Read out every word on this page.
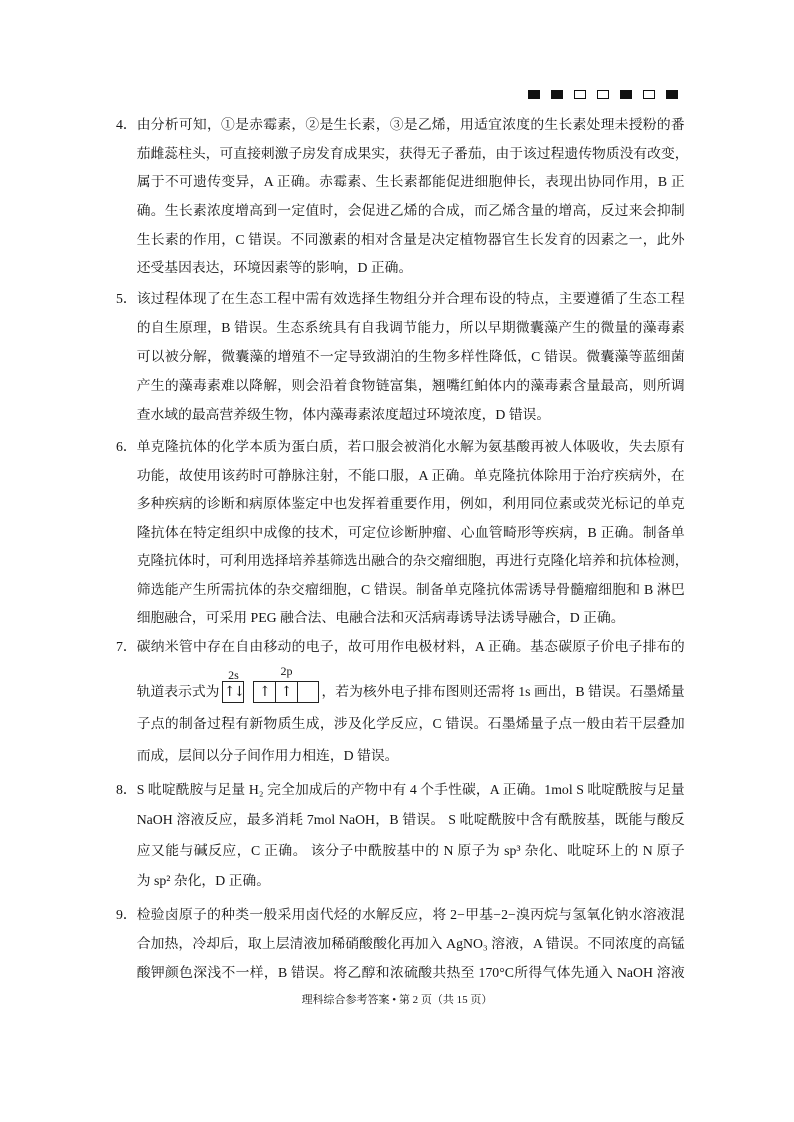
4． 由分析可知，①是赤霉素，②是生长素，③是乙烯，用适宜浓度的生长素处理未授粉的番
茄雌蕊柱头，可直接刺激子房发育成果实，获得无子番茄，由于该过程遗传物质没有改变，
属于不可遗传变异，A 正确。赤霉素、生长素都能促进细胞伸长，表现出协同作用，B 正
确。生长素浓度增高到一定值时，会促进乙烯的合成，而乙烯含量的增高，反过来会抑制
生长素的作用，C 错误。不同激素的相对含量是决定植物器官生长发育的因素之一，此外
还受基因表达，环境因素等的影响，D 正确。
5． 该过程体现了在生态工程中需有效选择生物组分并合理布设的特点，主要遵循了生态工程
的自生原理，B 错误。生态系统具有自我调节能力，所以早期微囊藻产生的微量的藻毒素
可以被分解，微囊藻的增殖不一定导致湖泊的生物多样性降低，C 错误。微囊藻等蓝细菌
产生的藻毒素难以降解，则会沿着食物链富集，翘嘴红鲌体内的藻毒素含量最高，则所调
查水域的最高营养级生物，体内藻毒素浓度超过环境浓度，D 错误。
6． 单克隆抗体的化学本质为蛋白质，若口服会被消化水解为氨基酸再被人体吸收，失去原有
功能，故使用该药时可静脉注射，不能口服，A 正确。单克隆抗体除用于治疗疾病外，在
多种疾病的诊断和病原体鉴定中也发挥着重要作用，例如，利用同位素或荧光标记的单克
隆抗体在特定组织中成像的技术，可定位诊断肿瘤、心血管畸形等疾病，B 正确。制备单
克隆抗体时，可利用选择培养基筛选出融合的杂交瘤细胞，再进行克隆化培养和抗体检测，
筛选能产生所需抗体的杂交瘤细胞，C 错误。制备单克隆抗体需诱导骨髓瘤细胞和 B 淋巴
细胞融合，可采用 PEG 融合法、电融合法和灭活病毒诱导法诱导融合，D 正确。
7． 碳纳米管中存在自由移动的电子，故可用作电极材料，A 正确。基态碳原子价电子排布的
轨道表示式为
2s	2p
↑↓	↑ ↑	，若为核外电子排布图则还需将 1s 画出，B 错误。石墨烯量
子点的制备过程有新物质生成，涉及化学反应，C 错误。石墨烯量子点一般由若干层叠加
而成，层间以分子间作用力相连，D 错误。
8． S 吡啶酰胺与足量 H₂ 完全加成后的产物中有 4 个手性碳，A 正确。1mol S 吡啶酰胺与足量
NaOH 溶液反应，最多消耗 7mol NaOH，B 错误。 S 吡啶酰胺中含有酰胺基，既能与酸反
应又能与碱反应，C 正确。 该分子中酰胺基中的 N 原子为 sp³ 杂化、吡啶环上的 N 原子
为 sp² 杂化，D 正确。
9． 检验卤原子的种类一般采用卤代烃的水解反应，将 2−甲基−2−溴丙烷与氢氧化钠水溶液混
合加热，冷却后，取上层清液加稀硝酸酸化再加入 AgNO₃ 溶液，A 错误。不同浓度的高锰
酸钾颜色深浅不一样，B 错误。将乙醇和浓硫酸共热至 170°C所得气体先通入 NaOH 溶液
理科综合参考答案 • 第 2 页（共 15 页）
